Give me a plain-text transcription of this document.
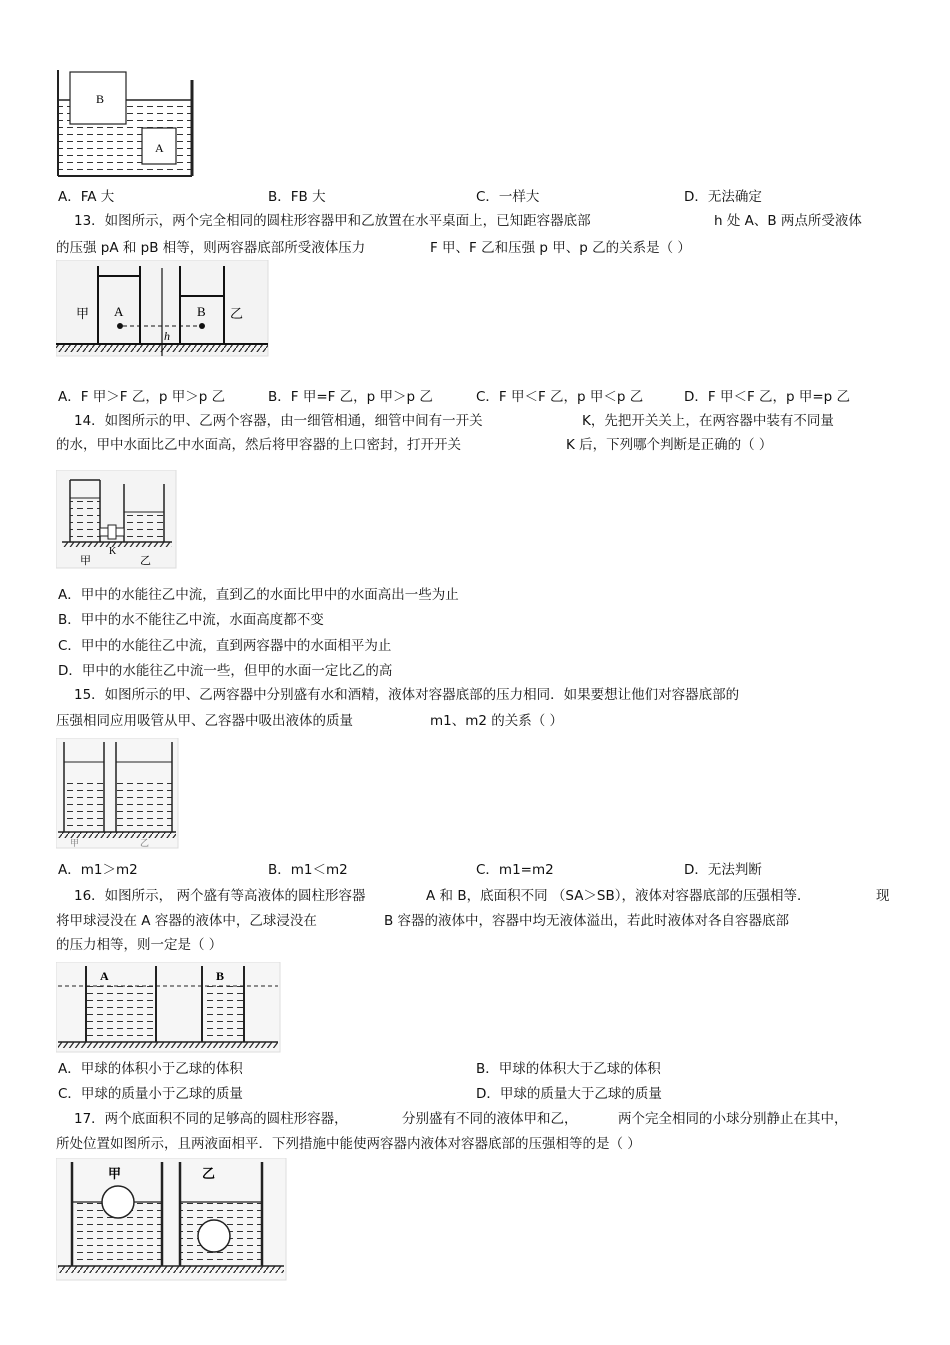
B
A
A．FA 大	B．FB 大	C．一样大	D．无法确定
13．如图所示，两个完全相同的圆柱形容器甲和乙放置在水平桌面上，已知距容器底部	h 处 A、B 两点所受液体
的压强 pA 和 pB 相等，则两容器底部所受液体压力	F 甲、F 乙和压强 p 甲、p 乙的关系是（ ）
甲 A	B 乙
h
A．F 甲＞F 乙，p 甲＞p 乙	B．F 甲=F 乙，p 甲＞p 乙	C．F 甲＜F 乙，p 甲＜p 乙	D．F 甲＜F 乙，p 甲=p 乙
14．如图所示的甲、乙两个容器，由一细管相通，细管中间有一开关	K，先把开关关上，在两容器中装有不同量
的水，甲中水面比乙中水面高，然后将甲容器的上口密封，打开开关	K 后，下列哪个判断是正确的（ ）
K
甲	乙
A．甲中的水能往乙中流，直到乙的水面比甲中的水面高出一些为止
B．甲中的水不能往乙中流，水面高度都不变
C．甲中的水能往乙中流，直到两容器中的水面相平为止
D．甲中的水能往乙中流一些，但甲的水面一定比乙的高
15．如图所示的甲、乙两容器中分别盛有水和酒精，液体对容器底部的压力相同．如果要想让他们对容器底部的
压强相同应用吸管从甲、乙容器中吸出液体的质量	m1、m2 的关系（ ）
甲	乙
A．m1＞m2	B．m1＜m2	C．m1=m2	D．无法判断
16．如图所示， 两个盛有等高液体的圆柱形容器	A 和 B，底面积不同 （SA＞SB），液体对容器底部的压强相等．	现
将甲球浸没在 A 容器的液体中，乙球浸没在	B 容器的液体中，容器中均无液体溢出，若此时液体对各自容器底部
的压力相等，则一定是（ ）
A	B
A．甲球的体积小于乙球的体积	B．甲球的体积大于乙球的体积
C．甲球的质量小于乙球的质量	D．甲球的质量大于乙球的质量
17．两个底面积不同的足够高的圆柱形容器，	分别盛有不同的液体甲和乙，	两个完全相同的小球分别静止在其中，
所处位置如图所示，且两液面相平．下列措施中能使两容器内液体对容器底部的压强相等的是（ ）
甲	乙
